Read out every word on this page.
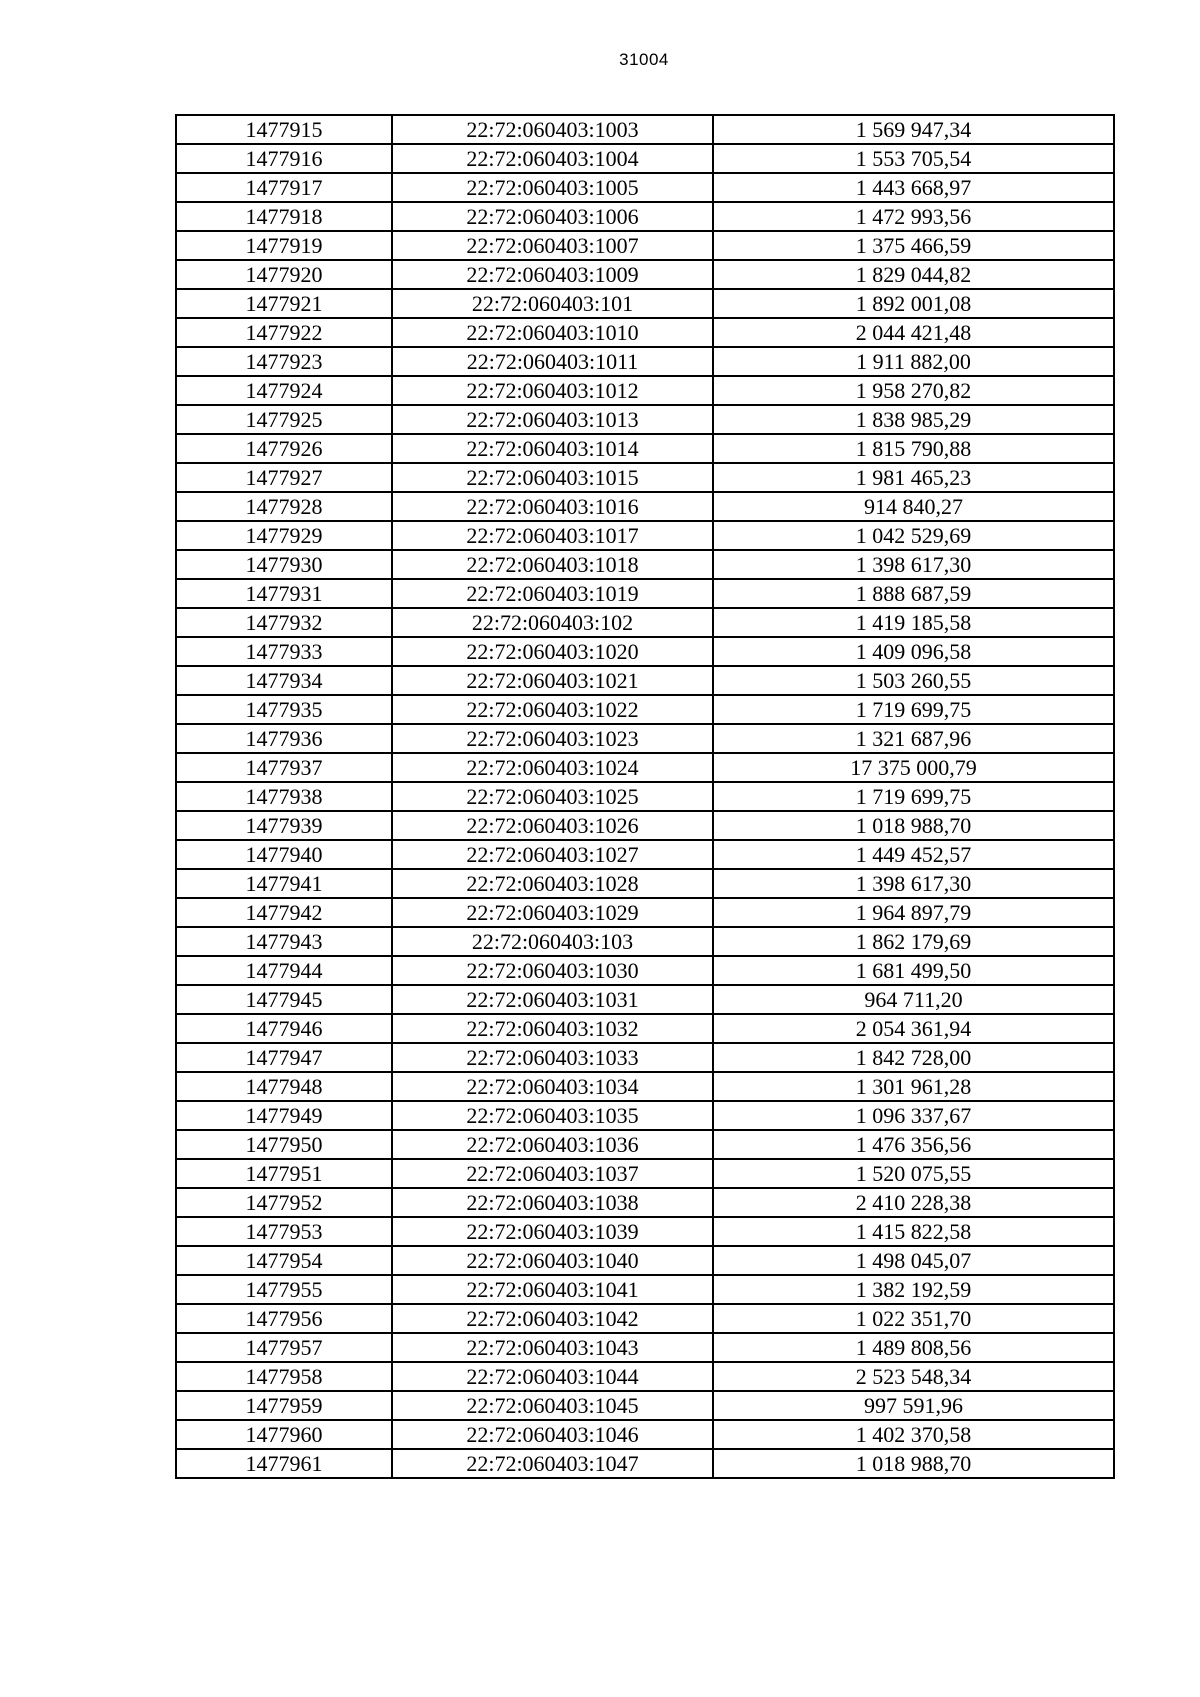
31004
1477915	22:72:060403:1003	1 569 947,34
1477916	22:72:060403:1004	1 553 705,54
1477917	22:72:060403:1005	1 443 668,97
1477918	22:72:060403:1006	1 472 993,56
1477919	22:72:060403:1007	1 375 466,59
1477920	22:72:060403:1009	1 829 044,82
1477921	22:72:060403:101	1 892 001,08
1477922	22:72:060403:1010	2 044 421,48
1477923	22:72:060403:1011	1 911 882,00
1477924	22:72:060403:1012	1 958 270,82
1477925	22:72:060403:1013	1 838 985,29
1477926	22:72:060403:1014	1 815 790,88
1477927	22:72:060403:1015	1 981 465,23
1477928	22:72:060403:1016	914 840,27
1477929	22:72:060403:1017	1 042 529,69
1477930	22:72:060403:1018	1 398 617,30
1477931	22:72:060403:1019	1 888 687,59
1477932	22:72:060403:102	1 419 185,58
1477933	22:72:060403:1020	1 409 096,58
1477934	22:72:060403:1021	1 503 260,55
1477935	22:72:060403:1022	1 719 699,75
1477936	22:72:060403:1023	1 321 687,96
1477937	22:72:060403:1024	17 375 000,79
1477938	22:72:060403:1025	1 719 699,75
1477939	22:72:060403:1026	1 018 988,70
1477940	22:72:060403:1027	1 449 452,57
1477941	22:72:060403:1028	1 398 617,30
1477942	22:72:060403:1029	1 964 897,79
1477943	22:72:060403:103	1 862 179,69
1477944	22:72:060403:1030	1 681 499,50
1477945	22:72:060403:1031	964 711,20
1477946	22:72:060403:1032	2 054 361,94
1477947	22:72:060403:1033	1 842 728,00
1477948	22:72:060403:1034	1 301 961,28
1477949	22:72:060403:1035	1 096 337,67
1477950	22:72:060403:1036	1 476 356,56
1477951	22:72:060403:1037	1 520 075,55
1477952	22:72:060403:1038	2 410 228,38
1477953	22:72:060403:1039	1 415 822,58
1477954	22:72:060403:1040	1 498 045,07
1477955	22:72:060403:1041	1 382 192,59
1477956	22:72:060403:1042	1 022 351,70
1477957	22:72:060403:1043	1 489 808,56
1477958	22:72:060403:1044	2 523 548,34
1477959	22:72:060403:1045	997 591,96
1477960	22:72:060403:1046	1 402 370,58
1477961	22:72:060403:1047	1 018 988,70
